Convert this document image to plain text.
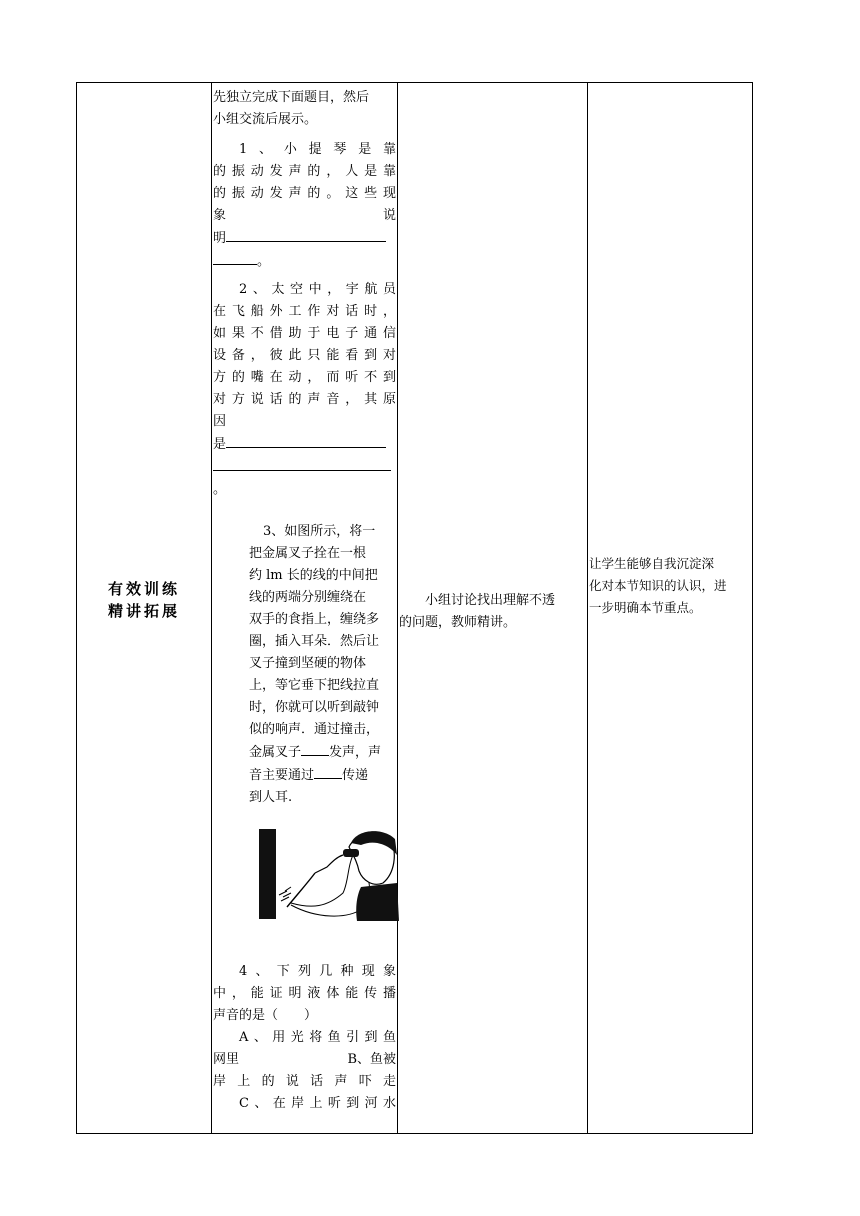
有效训练
精讲拓展

先独立完成下面题目，然后

小组交流后展示。

1、小提琴是靠

的振动发声的，人是靠

的振动发声的。这些现

象	说

明

。

2、太空中，宇航员

在飞船外工作对话时，

如果不借助于电子通信

设备，彼此只能看到对

方的嘴在动，而听不到

对方说话的声音，其原

因

是

。

3、如图所示，将一

把金属叉子拴在一根

约 lm 长的线的中间把

线的两端分别缠绕在

双手的食指上，缠绕多

圈，插入耳朵．然后让

叉子撞到坚硬的物体

上，等它垂下把线拉直

时，你就可以听到敲钟

似的响声．通过撞击，

金属叉子 发声，声

音主要通过 传递

到人耳.

4、下列几种现象

中，能证明液体能传播

声音的是（　　）

A、用光将鱼引到鱼

网里	B、鱼被

岸上的说话声吓走

C、在岸上听到河水

小组讨论找出理解不透

的问题，教师精讲。

让学生能够自我沉淀深

化对本节知识的认识，进

一步明确本节重点。
